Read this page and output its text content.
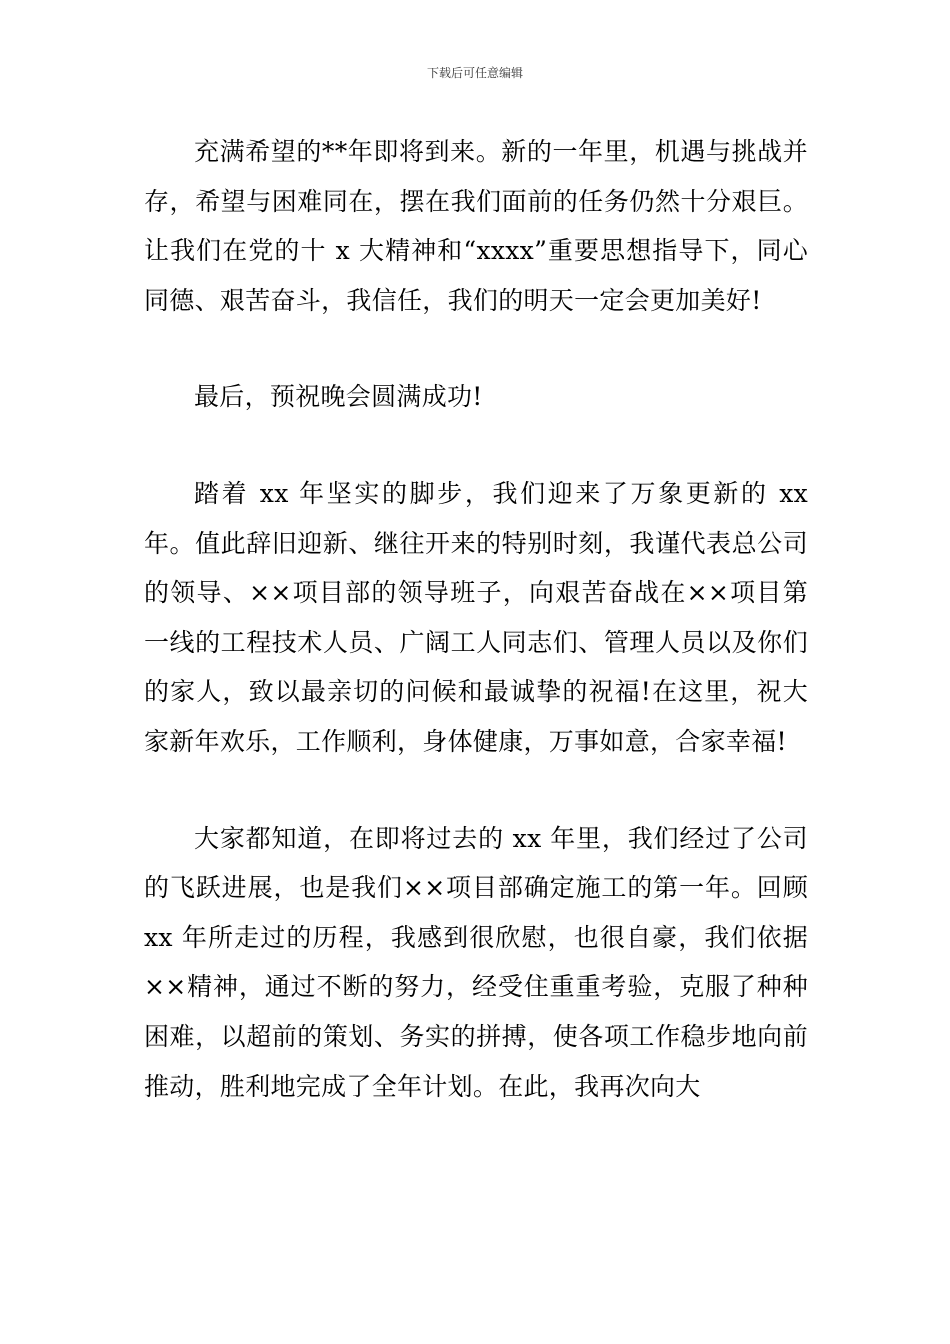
下载后可任意编辑

充满希望的**年即将到来。新的一年里，机遇与挑战并存，希望与困难同在，摆在我们面前的任务仍然十分艰巨。让我们在党的十 x 大精神和“xxxx”重要思想指导下，同心同德、艰苦奋斗，我信任，我们的明天一定会更加美好!

最后，预祝晚会圆满成功!

踏着 xx 年坚实的脚步，我们迎来了万象更新的 xx 年。值此辞旧迎新、继往开来的特别时刻，我谨代表总公司的领导、××项目部的领导班子，向艰苦奋战在××项目第一线的工程技术人员、广阔工人同志们、管理人员以及你们的家人，致以最亲切的问候和最诚挚的祝福!在这里，祝大家新年欢乐，工作顺利，身体健康，万事如意，合家幸福!

大家都知道，在即将过去的 xx 年里，我们经过了公司的飞跃进展，也是我们××项目部确定施工的第一年。回顾 xx 年所走过的历程，我感到很欣慰，也很自豪，我们依据××精神，通过不断的努力，经受住重重考验，克服了种种困难，以超前的策划、务实的拼搏，使各项工作稳步地向前推动，胜利地完成了全年计划。在此，我再次向大
